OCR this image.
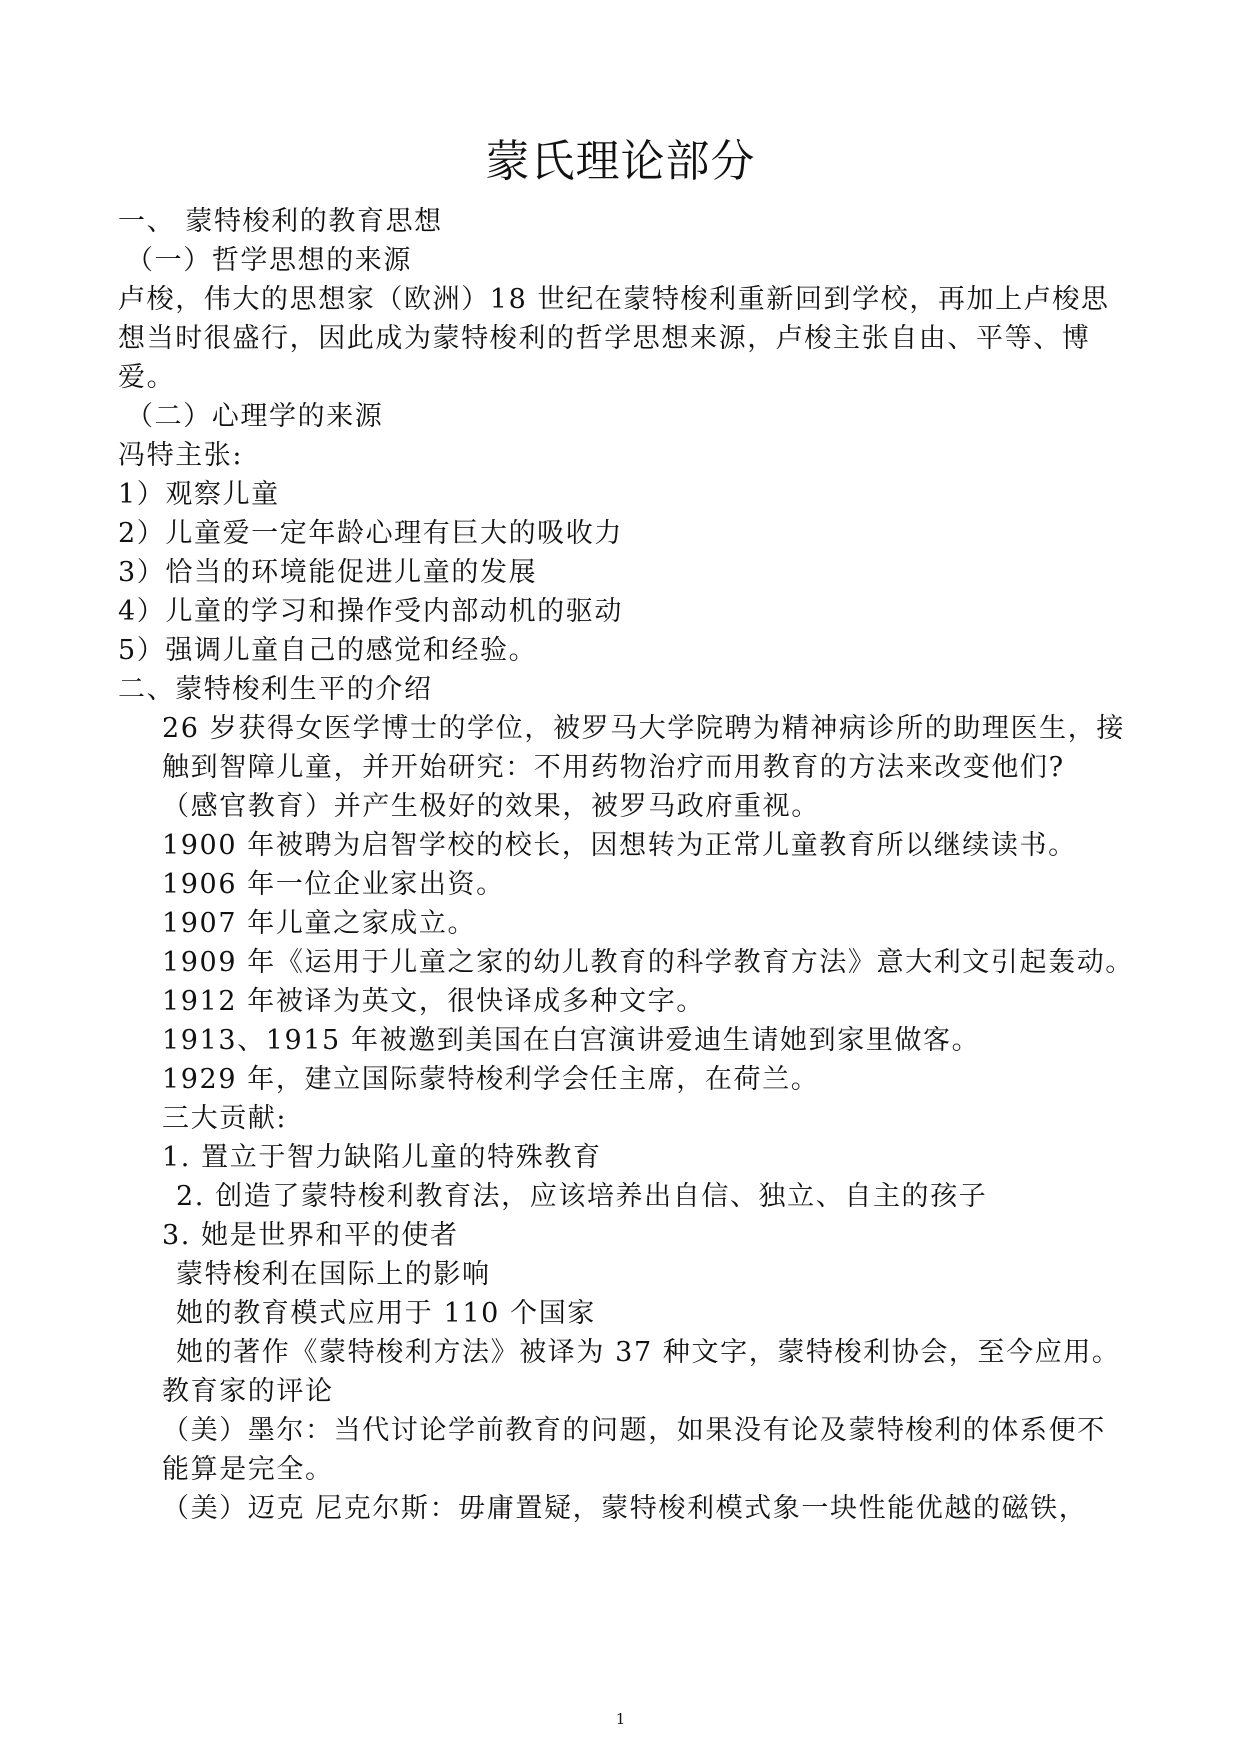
蒙氏理论部分
一、 蒙特梭利的教育思想
（一）哲学思想的来源
卢梭，伟大的思想家（欧洲）18 世纪在蒙特梭利重新回到学校，再加上卢梭思
想当时很盛行，因此成为蒙特梭利的哲学思想来源，卢梭主张自由、平等、博
爱。
（二）心理学的来源
冯特主张:
1）观察儿童
2）儿童爱一定年龄心理有巨大的吸收力
3）恰当的环境能促进儿童的发展
4）儿童的学习和操作受内部动机的驱动
5）强调儿童自己的感觉和经验。
二、蒙特梭利生平的介绍
26 岁获得女医学博士的学位，被罗马大学院聘为精神病诊所的助理医生，接
触到智障儿童，并开始研究：不用药物治疗而用教育的方法来改变他们?
（感官教育）并产生极好的效果，被罗马政府重视。
1900 年被聘为启智学校的校长，因想转为正常儿童教育所以继续读书。
1906 年一位企业家出资。
1907 年儿童之家成立。
1909 年《运用于儿童之家的幼儿教育的科学教育方法》意大利文引起轰动。
1912 年被译为英文，很快译成多种文字。
1913、1915 年被邀到美国在白宫演讲爱迪生请她到家里做客。
1929 年，建立国际蒙特梭利学会任主席，在荷兰。
三大贡献:
1. 置立于智力缺陷儿童的特殊教育
2. 创造了蒙特梭利教育法，应该培养出自信、独立、自主的孩子
3. 她是世界和平的使者
蒙特梭利在国际上的影响
她的教育模式应用于 110 个国家
她的著作《蒙特梭利方法》被译为 37 种文字，蒙特梭利协会，至今应用。
教育家的评论
（美）墨尔：当代讨论学前教育的问题，如果没有论及蒙特梭利的体系便不
能算是完全。
（美）迈克 尼克尔斯：毋庸置疑，蒙特梭利模式象一块性能优越的磁铁，
1
